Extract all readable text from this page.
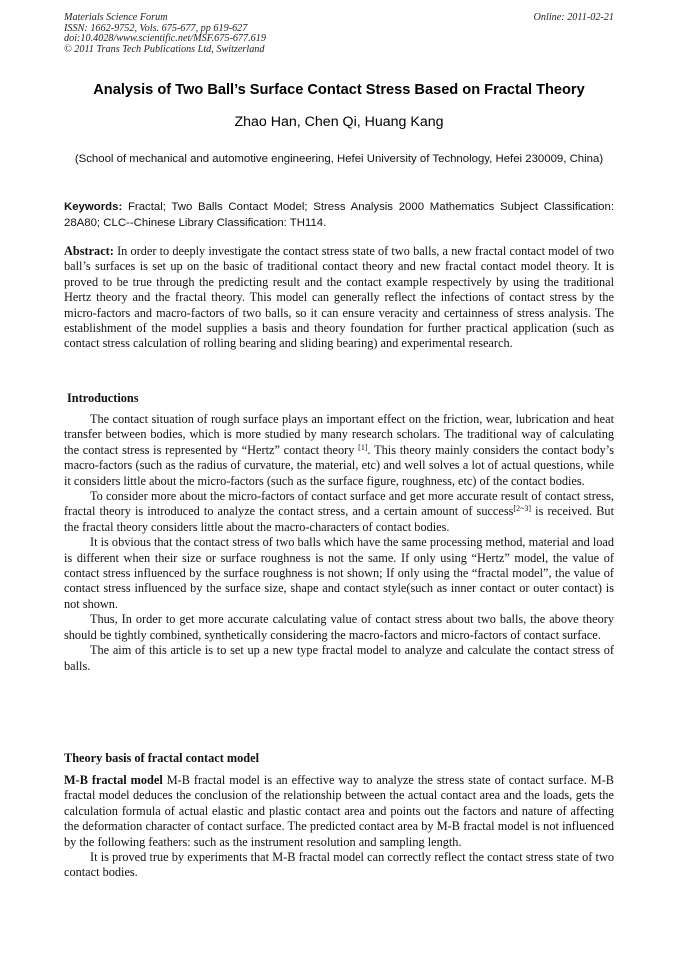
Materials Science Forum
ISSN: 1662-9752, Vols. 675-677, pp 619-627
doi:10.4028/www.scientific.net/MSF.675-677.619
© 2011 Trans Tech Publications Ltd, Switzerland
Online: 2011-02-21
Analysis of Two Ball’s Surface Contact Stress Based on Fractal Theory
Zhao Han, Chen Qi, Huang Kang
(School of mechanical and automotive engineering, Hefei University of Technology, Hefei 230009, China)
Keywords: Fractal; Two Balls Contact Model; Stress Analysis 2000 Mathematics Subject Classification: 28A80; CLC--Chinese Library Classification: TH114.
Abstract: In order to deeply investigate the contact stress state of two balls, a new fractal contact model of two ball’s surfaces is set up on the basic of traditional contact theory and new fractal contact model theory. It is proved to be true through the predicting result and the contact example respectively by using the traditional Hertz theory and the fractal theory. This model can generally reflect the infections of contact stress by the micro-factors and macro-factors of two balls, so it can ensure veracity and certainness of stress analysis. The establishment of the model supplies a basis and theory foundation for further practical application (such as contact stress calculation of rolling bearing and sliding bearing) and experimental research.
Introductions

The contact situation of rough surface plays an important effect on the friction, wear, lubrication and heat transfer between bodies, which is more studied by many research scholars. The traditional way of calculating the contact stress is represented by “Hertz” contact theory [1]. This theory mainly considers the contact body’s macro-factors (such as the radius of curvature, the material, etc) and well solves a lot of actual questions, while it considers little about the micro-factors (such as the surface figure, roughness, etc) of the contact bodies.

To consider more about the micro-factors of contact surface and get more accurate result of contact stress, fractal theory is introduced to analyze the contact stress, and a certain amount of success[2~3] is received. But the fractal theory considers little about the macro-characters of contact bodies.

It is obvious that the contact stress of two balls which have the same processing method, material and load is different when their size or surface roughness is not the same. If only using “Hertz” model, the value of contact stress influenced by the surface roughness is not shown; If only using the “fractal model”, the value of contact stress influenced by the surface size, shape and contact style(such as inner contact or outer contact) is not shown.

Thus, In order to get more accurate calculating value of contact stress about two balls, the above theory should be tightly combined, synthetically considering the macro-factors and micro-factors of contact surface.

The aim of this article is to set up a new type fractal model to analyze and calculate the contact stress of balls.

Theory basis of fractal contact model

M-B fractal model M-B fractal model is an effective way to analyze the stress state of contact surface. M-B fractal model deduces the conclusion of the relationship between the actual contact area and the loads, gets the calculation formula of actual elastic and plastic contact area and points out the factors and nature of affecting the deformation character of contact surface. The predicted contact area by M-B fractal model is not influenced by the following feathers: such as the instrument resolution and sampling length.

It is proved true by experiments that M-B fractal model can correctly reflect the contact stress state of two contact bodies.
